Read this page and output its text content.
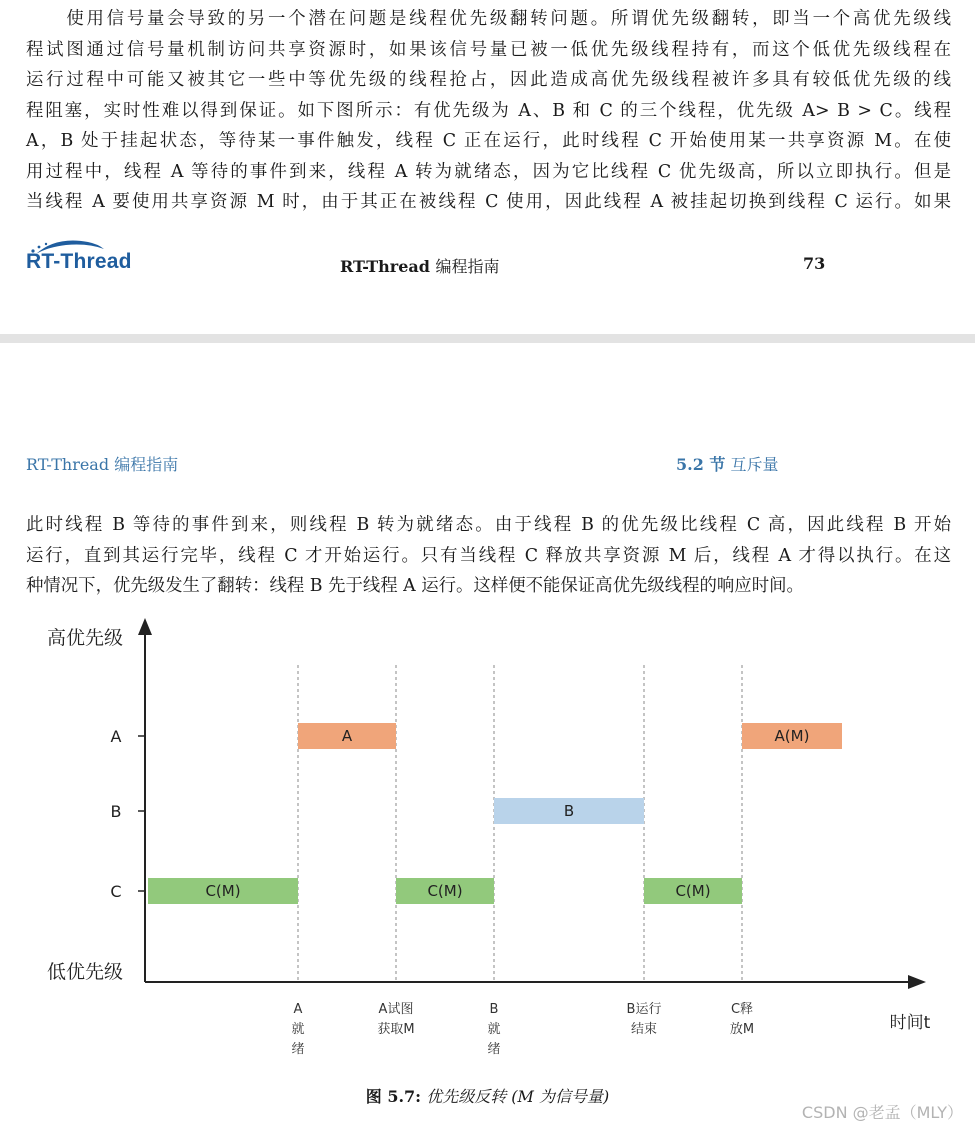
　　使用信号量会导致的另一个潜在问题是线程优先级翻转问题。所谓优先级翻转，即当一个高优先级线
程试图通过信号量机制访问共享资源时，如果该信号量已被一低优先级线程持有，而这个低优先级线程在
运行过程中可能又被其它一些中等优先级的线程抢占，因此造成高优先级线程被许多具有较低优先级的线
程阻塞，实时性难以得到保证。如下图所示：有优先级为 A、B 和 C 的三个线程，优先级 A> B > C。线程
A，B 处于挂起状态，等待某一事件触发，线程 C 正在运行，此时线程 C 开始使用某一共享资源 M。在使
用过程中，线程 A 等待的事件到来，线程 A 转为就绪态，因为它比线程 C 优先级高，所以立即执行。但是
当线程 A 要使用共享资源 M 时，由于其正在被线程 C 使用，因此线程 A 被挂起切换到线程 C 运行。如果
RT-Thread	RT-Thread 编程指南	73
RT-Thread 编程指南	5.2 节 互斥量
此时线程 B 等待的事件到来，则线程 B 转为就绪态。由于线程 B 的优先级比线程 C 高，因此线程 B 开始
运行，直到其运行完毕，线程 C 才开始运行。只有当线程 C 释放共享资源 M 后，线程 A 才得以执行。在这
种情况下，优先级发生了翻转：线程 B 先于线程 A 运行。这样便不能保证高优先级线程的响应时间。
A
B
C	C(M)
A
C(M)
B
C(M)
A(M)
高优先级
低优先级
时间t
A
就
绪
A试图
获取M
B
就
绪
B运行
结束
C释
放M
图 5.7: 优先级反转 (M 为信号量)
CSDN @老孟（MLY）
